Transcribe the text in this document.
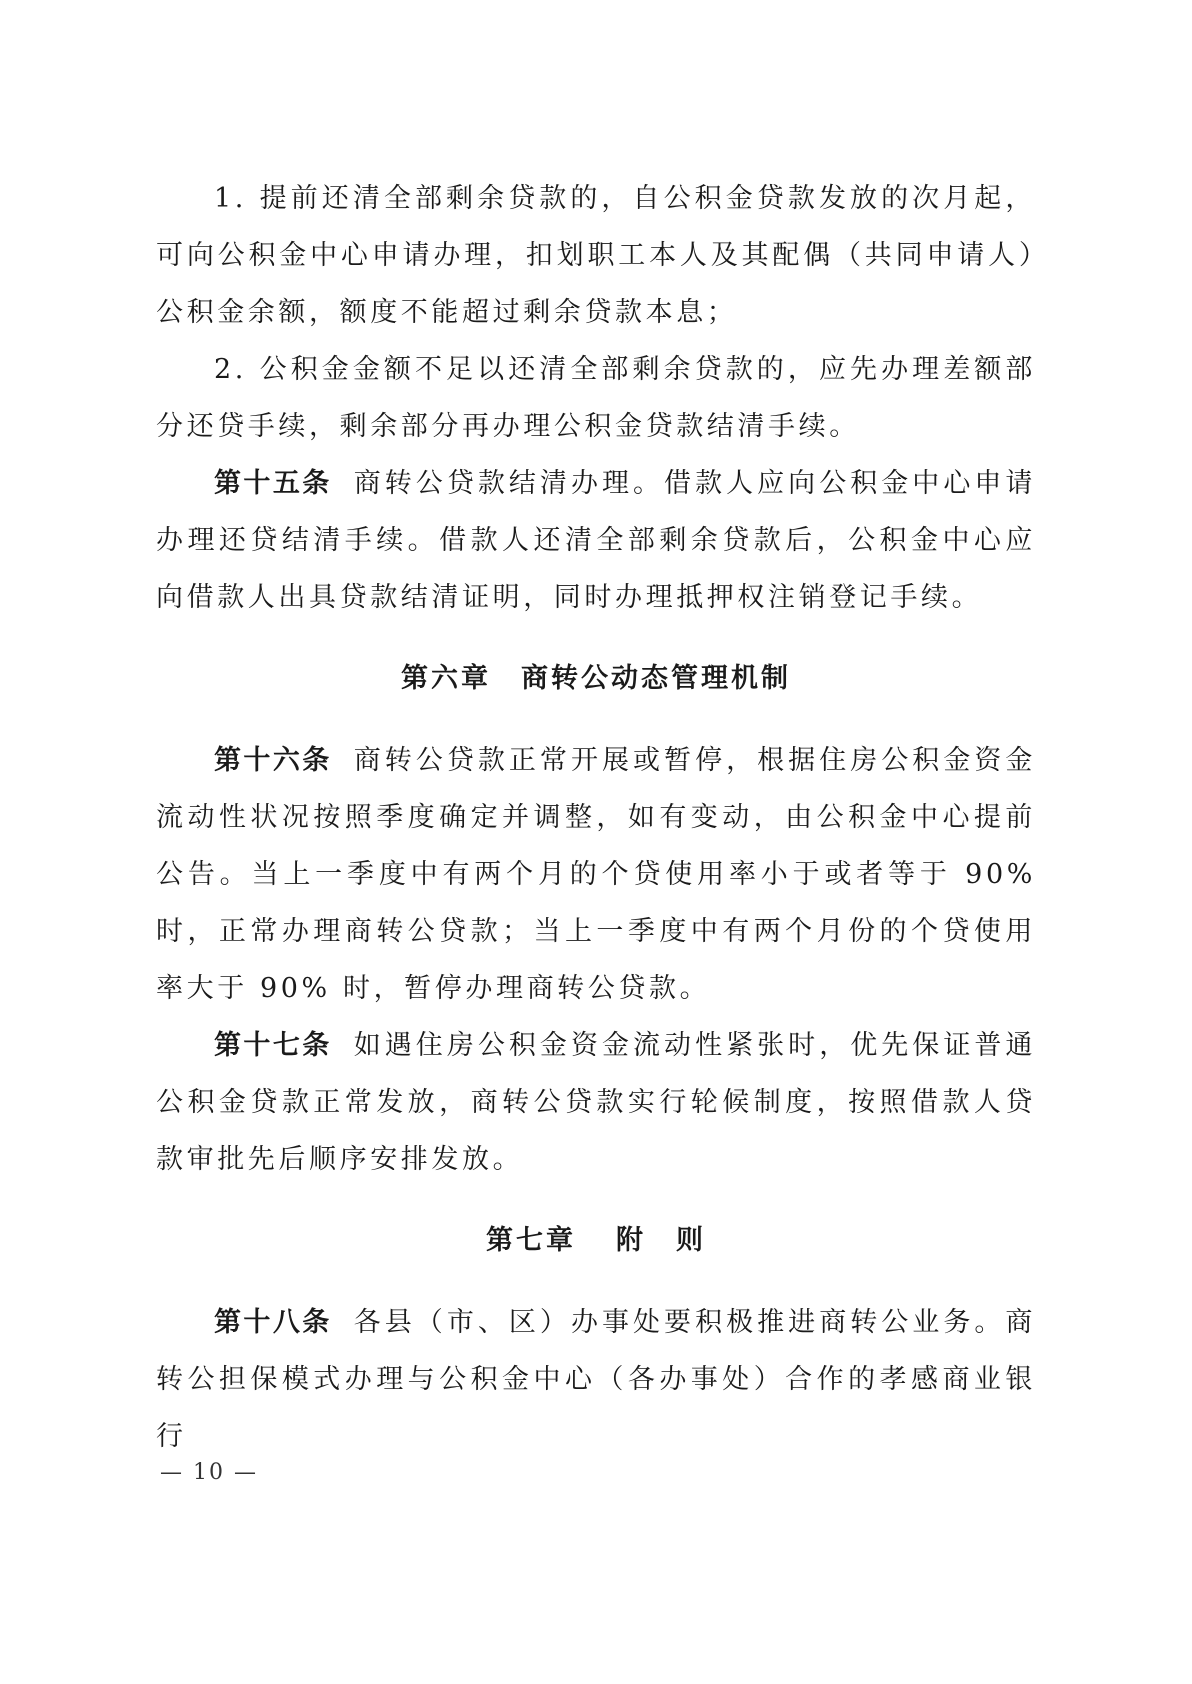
1. 提前还清全部剩余贷款的，自公积金贷款发放的次月起，可向公积金中心申请办理，扣划职工本人及其配偶（共同申请人）公积金余额，额度不能超过剩余贷款本息；

2. 公积金金额不足以还清全部剩余贷款的，应先办理差额部分还贷手续，剩余部分再办理公积金贷款结清手续。

第十五条 商转公贷款结清办理。借款人应向公积金中心申请办理还贷结清手续。借款人还清全部剩余贷款后，公积金中心应向借款人出具贷款结清证明，同时办理抵押权注销登记手续。

第六章 商转公动态管理机制

第十六条 商转公贷款正常开展或暂停，根据住房公积金资金流动性状况按照季度确定并调整，如有变动，由公积金中心提前公告。当上一季度中有两个月的个贷使用率小于或者等于 90% 时，正常办理商转公贷款；当上一季度中有两个月份的个贷使用率大于 90% 时，暂停办理商转公贷款。

第十七条 如遇住房公积金资金流动性紧张时，优先保证普通公积金贷款正常发放，商转公贷款实行轮候制度，按照借款人贷款审批先后顺序安排发放。

第七章 附　则

第十八条 各县（市、区）办事处要积极推进商转公业务。商转公担保模式办理与公积金中心（各办事处）合作的孝感商业银行

— 10 —
